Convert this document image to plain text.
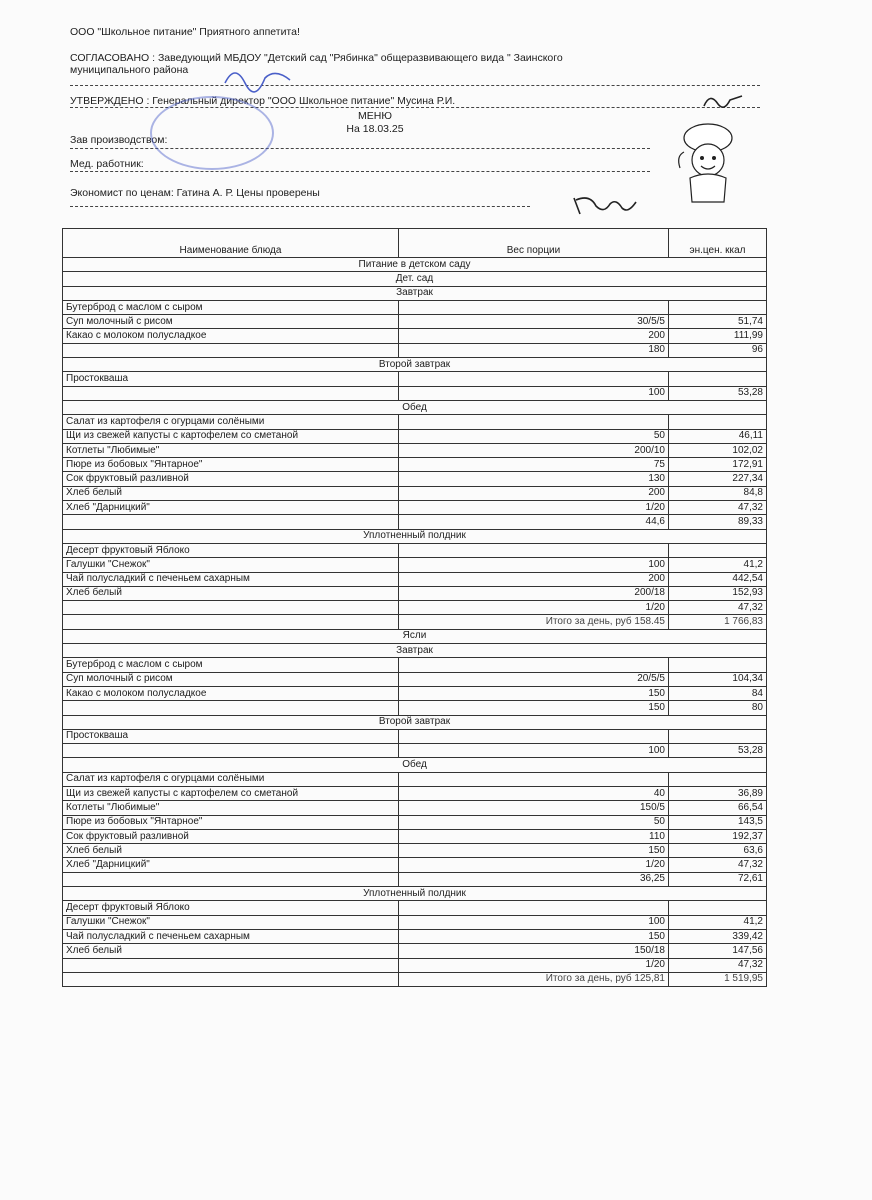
ООО "Школьное питание" Приятного аппетита!
СОГЛАСОВАНО : Заведующий МБДОУ "Детский сад "Рябинка" общеразвивающего вида " Заинского
муниципального района
УТВЕРЖДЕНО : Генеральный директор "ООО Школьное питание" Мусина Р.И.
МЕНЮ
На 18.03.25
Зав производством:
Мед. работник:
Экономист по ценам: Гатина А. Р. Цены проверены
Наименование блюда	Вес порции	эн.цен. ккал
Питание в детском саду		
Дет. сад		
Завтрак		
Бутерброд с маслом с сыром		
Суп молочный с рисом	30/5/5	51,74
Какао с молоком полусладкое	200	111,99
	180	96
Второй завтрак		
Простокваша		
	100	53,28
Обед		
Салат из картофеля с огурцами солёными		
Щи из свежей капусты с картофелем со сметаной	50	46,11
Котлеты "Любимые"	200/10	102,02
Пюре из бобовых "Янтарное"	75	172,91
Сок фруктовый разливной	130	227,34
Хлеб белый	200	84,8
Хлеб "Дарницкий"	1/20	47,32
	44,6	89,33
Уплотненный полдник		
Десерт фруктовый Яблоко		
Галушки "Снежок"	100	41,2
Чай полусладкий с печеньем сахарным	200	442,54
Хлеб белый	200/18	152,93
	1/20	47,32
	Итого за день, руб 158.45	1 766,83
Ясли		
Завтрак		
Бутерброд с маслом с сыром		
Суп молочный с рисом	20/5/5	104,34
Какао с молоком полусладкое	150	84
	150	80
Второй завтрак		
Простокваша		
	100	53,28
Обед		
Салат из картофеля с огурцами солёными		
Щи из свежей капусты с картофелем со сметаной	40	36,89
Котлеты "Любимые"	150/5	66,54
Пюре из бобовых "Янтарное"	50	143,5
Сок фруктовый разливной	110	192,37
Хлеб белый	150	63,6
Хлеб "Дарницкий"	1/20	47,32
	36,25	72,61
Уплотненный полдник		
Десерт фруктовый Яблоко		
Галушки "Снежок"	100	41,2
Чай полусладкий с печеньем сахарным	150	339,42
Хлеб белый	150/18	147,56
	1/20	47,32
	Итого за день, руб 125,81	1 519,95
